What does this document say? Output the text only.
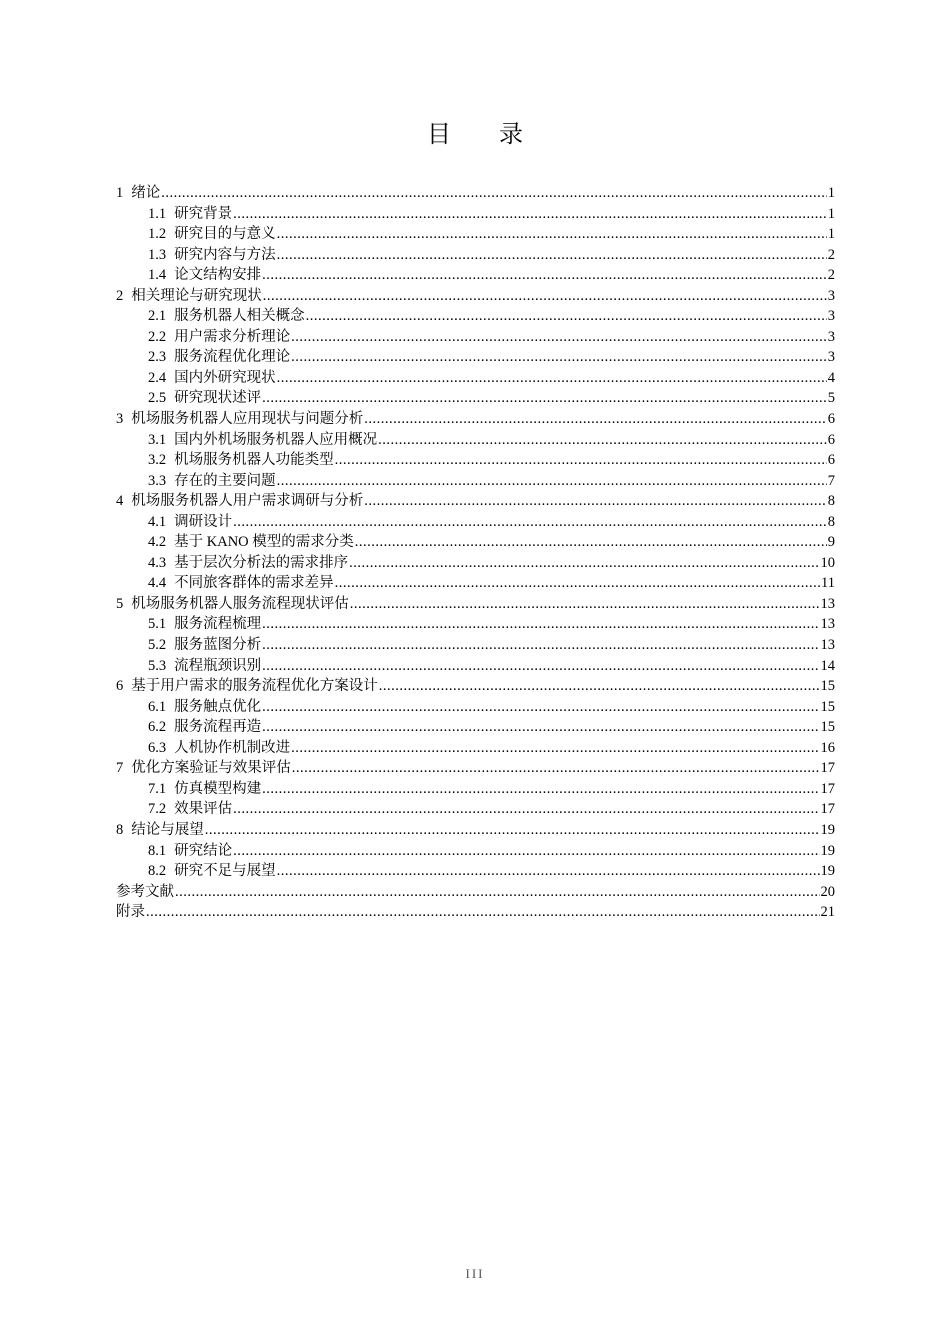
目录
1 绪论 .....	1
1.1 研究背景 .....	1
1.2 研究目的与意义 .....	1
1.3 研究内容与方法 .....	2
1.4 论文结构安排 .....	2
2 相关理论与研究现状 .....	3
2.1 服务机器人相关概念 .....	3
2.2 用户需求分析理论 .....	3
2.3 服务流程优化理论 .....	3
2.4 国内外研究现状 .....	4
2.5 研究现状述评 .....	5
3 机场服务机器人应用现状与问题分析 .....	6
3.1 国内外机场服务机器人应用概况 .....	6
3.2 机场服务机器人功能类型 .....	6
3.3 存在的主要问题 .....	7
4 机场服务机器人用户需求调研与分析 .....	8
4.1 调研设计 .....	8
4.2 基于 KANO 模型的需求分类 .....	9
4.3 基于层次分析法的需求排序 .....	10
4.4 不同旅客群体的需求差异 .....	11
5 机场服务机器人服务流程现状评估 .....	13
5.1 服务流程梳理 .....	13
5.2 服务蓝图分析 .....	13
5.3 流程瓶颈识别 .....	14
6 基于用户需求的服务流程优化方案设计 .....	15
6.1 服务触点优化 .....	15
6.2 服务流程再造 .....	15
6.3 人机协作机制改进 .....	16
7 优化方案验证与效果评估 .....	17
7.1 仿真模型构建 .....	17
7.2 效果评估 .....	17
8 结论与展望 .....	19
8.1 研究结论 .....	19
8.2 研究不足与展望 .....	19
参考文献 .....	20
附录 .....	21
III
